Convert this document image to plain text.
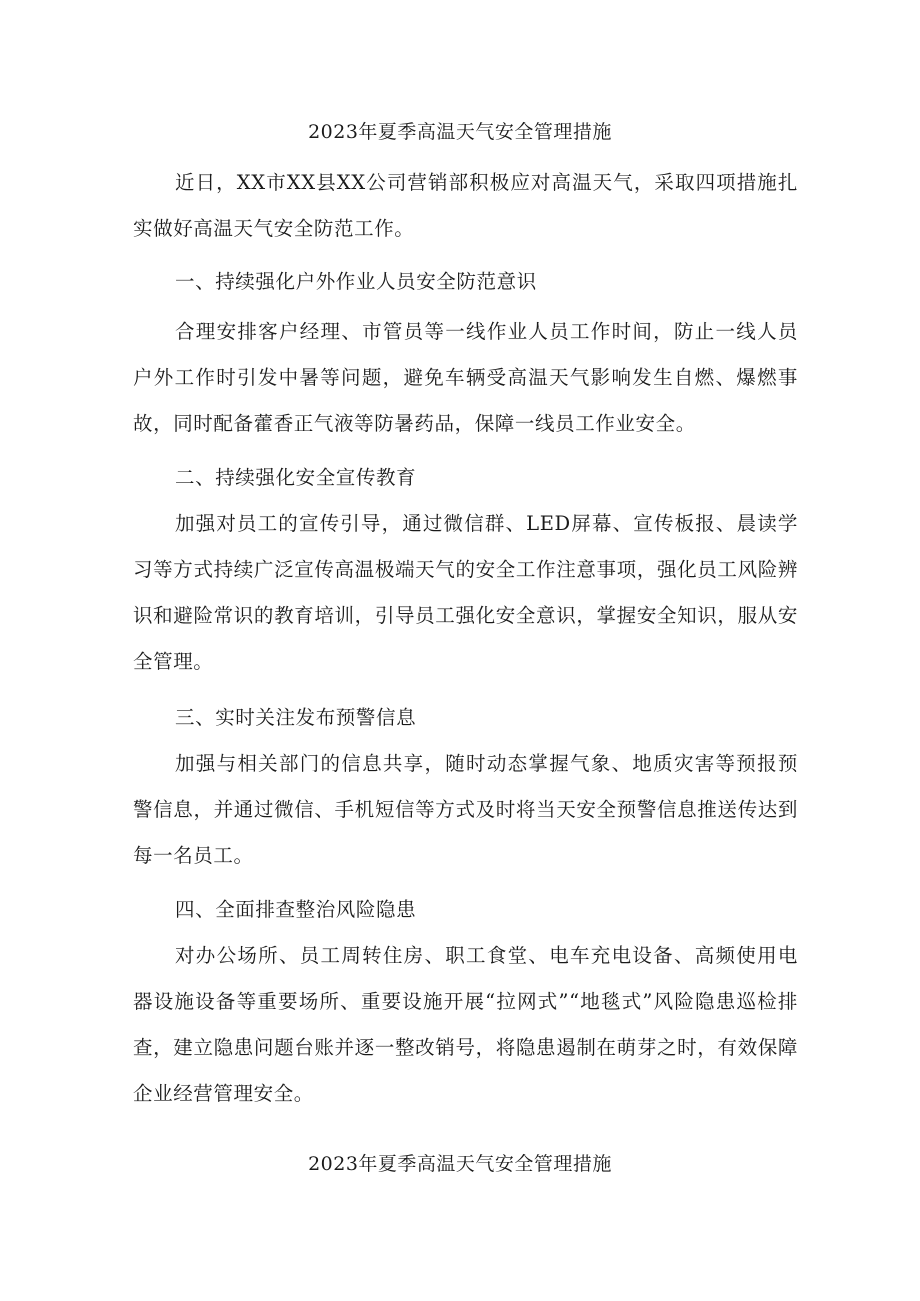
2023年夏季高温天气安全管理措施

近日，XX市XX县XX公司营销部积极应对高温天气，采取四项措施扎实做好高温天气安全防范工作。

一、持续强化户外作业人员安全防范意识

合理安排客户经理、市管员等一线作业人员工作时间，防止一线人员户外工作时引发中暑等问题，避免车辆受高温天气影响发生自燃、爆燃事故，同时配备藿香正气液等防暑药品，保障一线员工作业安全。

二、持续强化安全宣传教育

加强对员工的宣传引导，通过微信群、LED屏幕、宣传板报、晨读学习等方式持续广泛宣传高温极端天气的安全工作注意事项，强化员工风险辨识和避险常识的教育培训，引导员工强化安全意识，掌握安全知识，服从安全管理。

三、实时关注发布预警信息

加强与相关部门的信息共享，随时动态掌握气象、地质灾害等预报预警信息，并通过微信、手机短信等方式及时将当天安全预警信息推送传达到每一名员工。

四、全面排查整治风险隐患

对办公场所、员工周转住房、职工食堂、电车充电设备、高频使用电器设施设备等重要场所、重要设施开展“拉网式”“地毯式”风险隐患巡检排查，建立隐患问题台账并逐一整改销号，将隐患遏制在萌芽之时，有效保障企业经营管理安全。

2023年夏季高温天气安全管理措施
